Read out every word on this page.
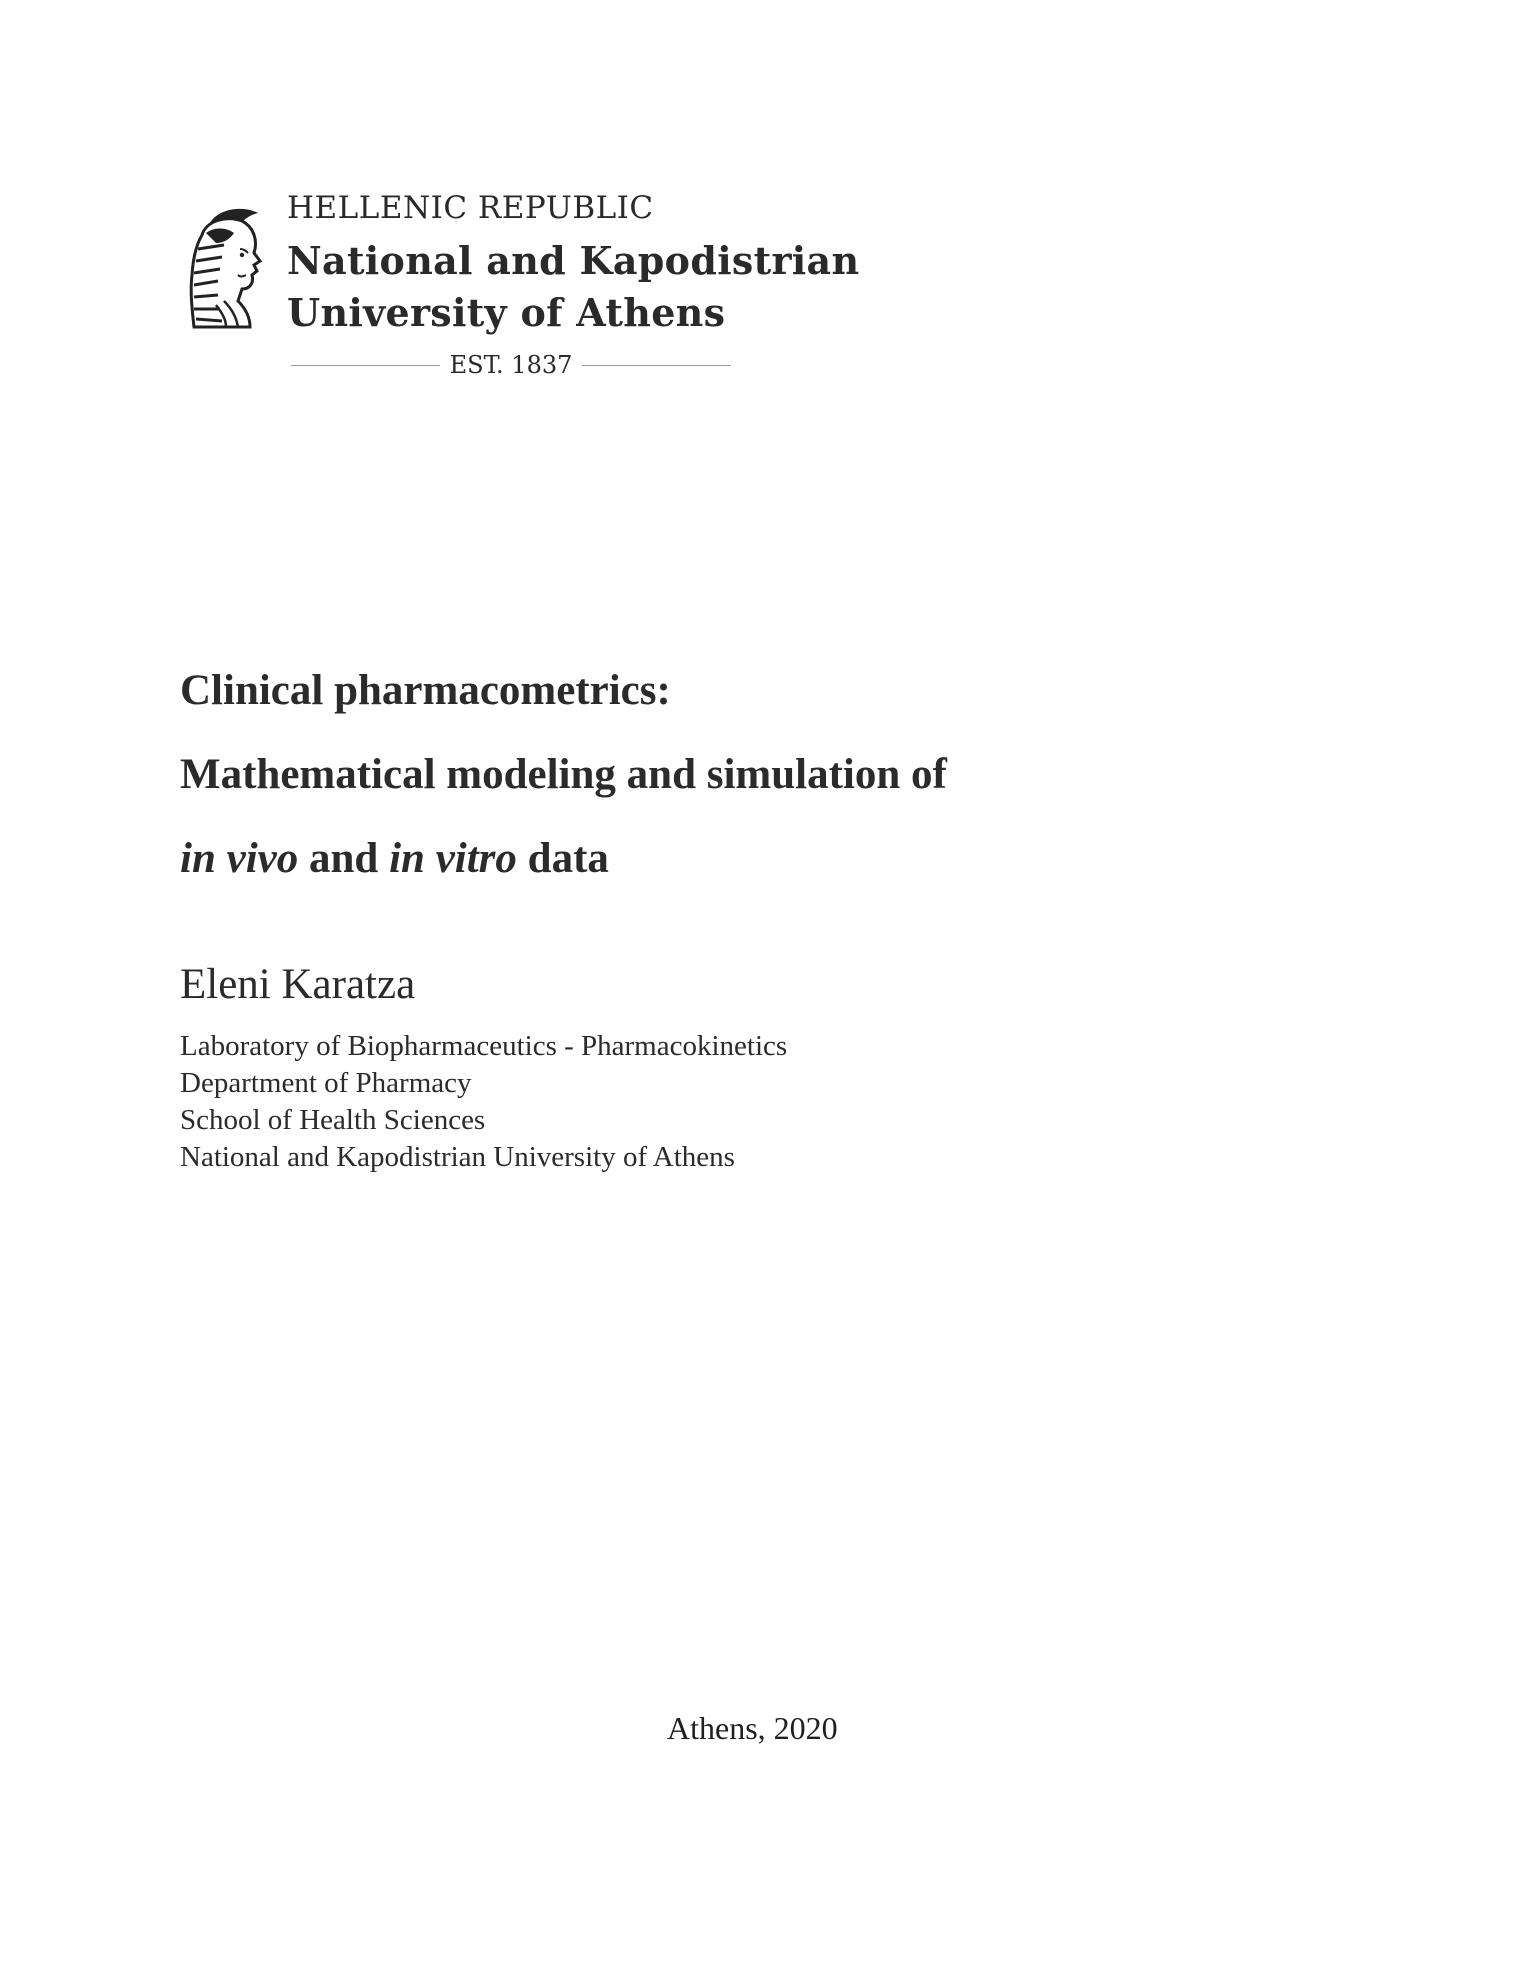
HELLENIC REPUBLIC
National and Kapodistrian
University of Athens
EST. 1837
Clinical pharmacometrics:
Mathematical modeling and simulation of
in vivo and in vitro data
Eleni Karatza
Laboratory of Biopharmaceutics - Pharmacokinetics
Department of Pharmacy
School of Health Sciences
National and Kapodistrian University of Athens
Athens, 2020
